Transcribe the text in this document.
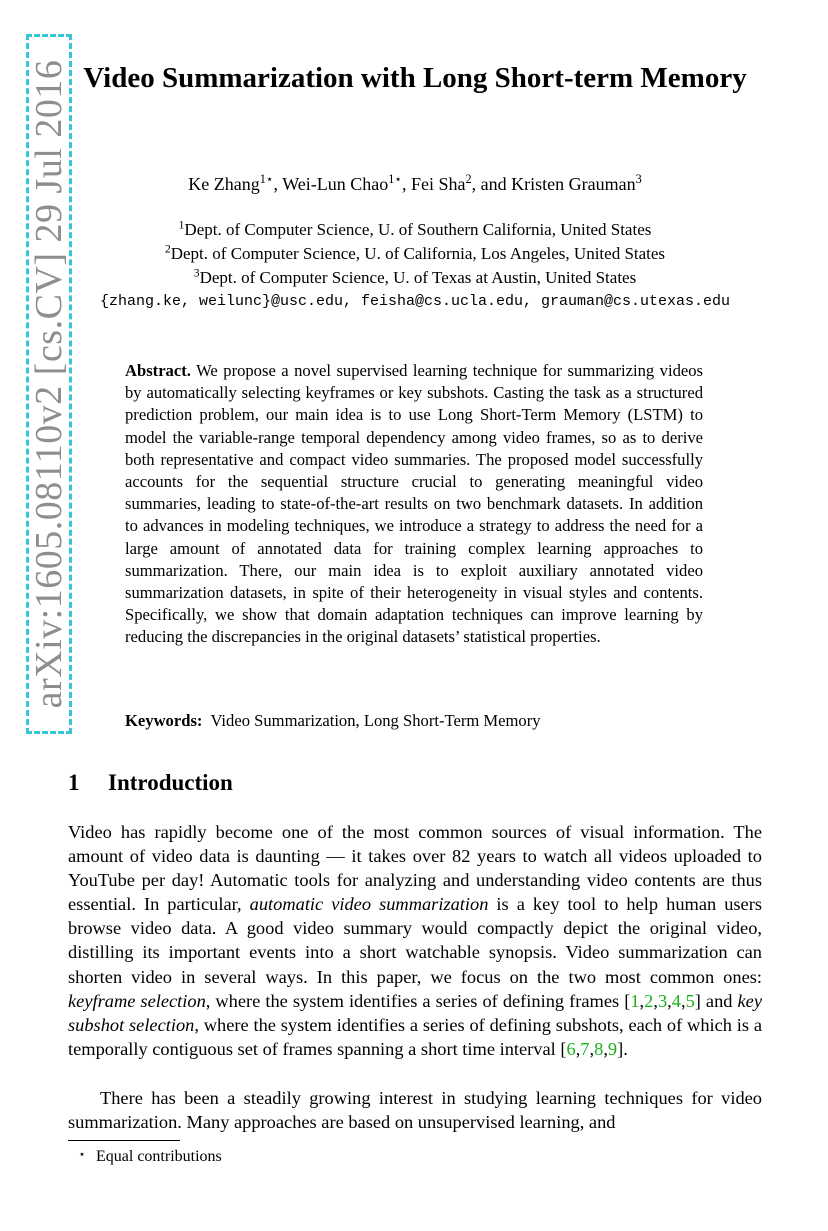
arXiv:1605.08110v2 [cs.CV] 29 Jul 2016 Video Summarization with Long Short-term Memory
Ke Zhang$^{1⋆}$, Wei-Lun Chao$^{1⋆}$, Fei Sha$^2$, and Kristen Grauman$^3$
$^1$Dept. of Computer Science, U. of Southern California, United States
$^2$Dept. of Computer Science, U. of California, Los Angeles, United States
$^3$Dept. of Computer Science, U. of Texas at Austin, United States
{zhang.ke, weilunc}@usc.edu, feisha@cs.ucla.edu, grauman@cs.utexas.edu
Abstract. We propose a novel supervised learning technique for summarizing videos by automatically selecting keyframes or key subshots. Casting the task as a structured prediction problem, our main idea is to use Long Short-Term Memory (LSTM) to model the variable-range temporal dependency among video frames, so as to derive both representative and compact video summaries. The proposed model successfully accounts for the sequential structure crucial to generating meaningful video summaries, leading to state-of-the-art results on two benchmark datasets. In addition to advances in modeling techniques, we introduce a strategy to address the need for a large amount of annotated data for training complex learning approaches to summarization. There, our main idea is to exploit auxiliary annotated video summarization datasets, in spite of their heterogeneity in visual styles and contents. Specifically, we show that domain adaptation techniques can improve learning by reducing the discrepancies in the original datasets’ statistical properties.
Keywords: Video Summarization, Long Short-Term Memory
1 Introduction
Video has rapidly become one of the most common sources of visual information. The amount of video data is daunting — it takes over 82 years to watch all videos uploaded to YouTube per day! Automatic tools for analyzing and understanding video contents are thus essential. In particular, automatic video summarization is a key tool to help human users browse video data. A good video summary would compactly depict the original video, distilling its important events into a short watchable synopsis. Video summarization can shorten video in several ways. In this paper, we focus on the two most common ones: keyframe selection, where the system identifies a series of defining frames [1,2,3,4,5] and key subshot selection, where the system identifies a series of defining subshots, each of which is a temporally contiguous set of frames spanning a short time interval [6,7,8,9].
There has been a steadily growing interest in studying learning techniques for video summarization. Many approaches are based on unsupervised learning, and
⋆ Equal contributions
